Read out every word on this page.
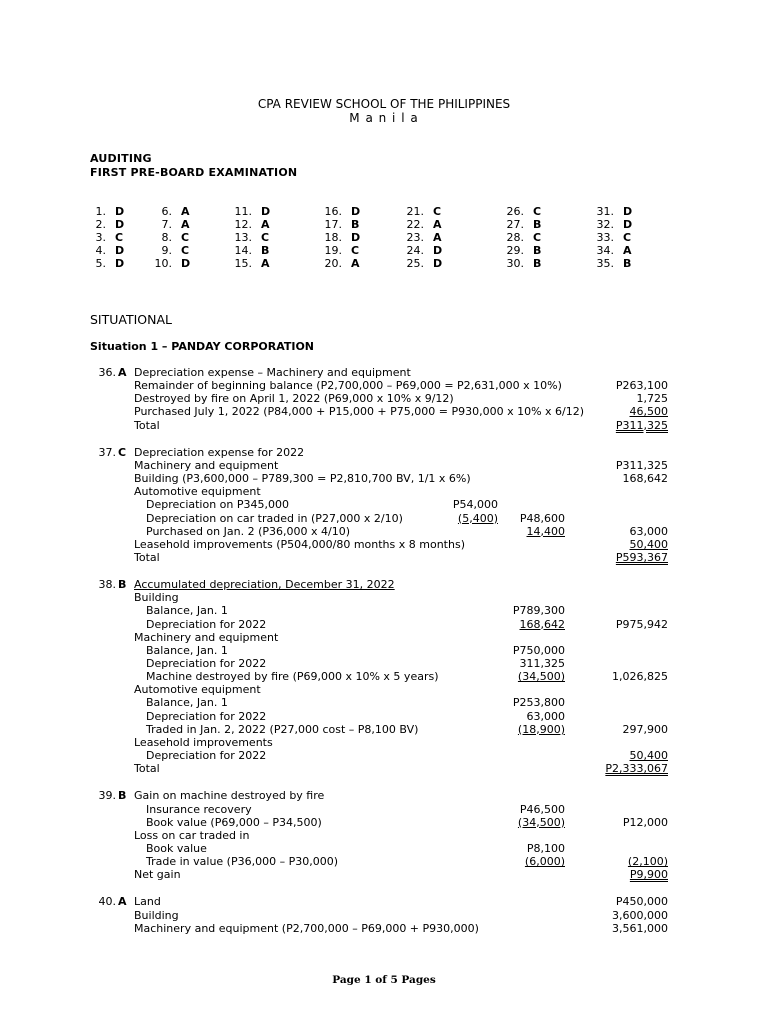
CPA REVIEW SCHOOL OF THE PHILIPPINES
M a n i l a
AUDITING
FIRST PRE-BOARD EXAMINATION
1. D
2. D
3. C
4. D
5. D
6. A
7. A
8. C
9. C
10. D
11. D
12. A
13. C
14. B
15. A
16. D
17. B
18. D
19. C
20. A
21. C
22. A
23. A
24. D
25. D
26. C
27. B
28. C
29. B
30. B
31. D
32. D
33. C
34. A
35. B
SITUATIONAL
Situation 1 – PANDAY CORPORATION
36. A Depreciation expense – Machinery and equipment
Remainder of beginning balance (P2,700,000 – P69,000 = P2,631,000 x 10%)	P263,100
Destroyed by fire on April 1, 2022 (P69,000 x 10% x 9/12)	1,725
Purchased July 1, 2022 (P84,000 + P15,000 + P75,000 = P930,000 x 10% x 6/12)	46,500
Total	P311,325
37. C Depreciation expense for 2022
Machinery and equipment	P311,325
Building (P3,600,000 – P789,300 = P2,810,700 BV, 1/1 x 6%)	168,642
Automotive equipment
Depreciation on P345,000	P54,000
Depreciation on car traded in (P27,000 x 2/10)	(5,400) P48,600
Purchased on Jan. 2 (P36,000 x 4/10)	14,400	63,000
Leasehold improvements (P504,000/80 months x 8 months)	50,400
Total	P593,367
38. B Accumulated depreciation, December 31, 2022
Building
Balance, Jan. 1	P789,300
Depreciation for 2022	168,642	P975,942
Machinery and equipment
Balance, Jan. 1	P750,000
Depreciation for 2022	311,325
Machine destroyed by fire (P69,000 x 10% x 5 years)	(34,500)	1,026,825
Automotive equipment
Balance, Jan. 1	P253,800
Depreciation for 2022	63,000
Traded in Jan. 2, 2022 (P27,000 cost – P8,100 BV)	(18,900)	297,900
Leasehold improvements
Depreciation for 2022	50,400
Total	P2,333,067
39. B Gain on machine destroyed by fire
Insurance recovery	P46,500
Book value (P69,000 – P34,500)	(34,500)	P12,000
Loss on car traded in
Book value	P8,100
Trade in value (P36,000 – P30,000)	(6,000)	(2,100)
Net gain	P9,900
40. A Land	P450,000
Building	3,600,000
Machinery and equipment (P2,700,000 – P69,000 + P930,000)	3,561,000
Page 1 of 5 Pages
